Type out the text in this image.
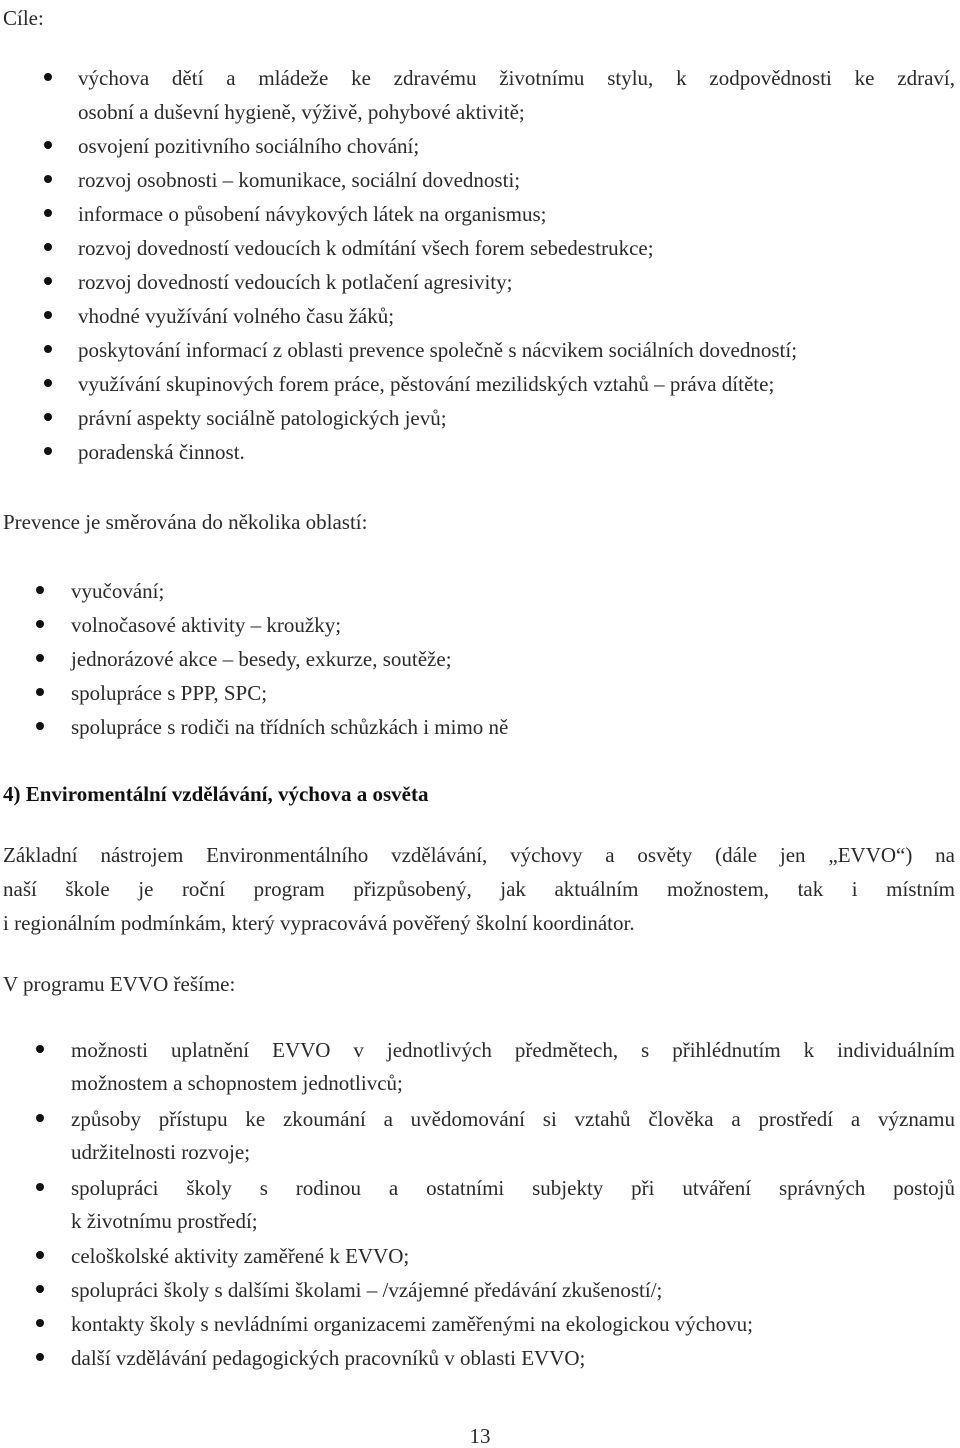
Cíle:
výchova dětí a mládeže ke zdravému životnímu stylu, k zodpovědnosti ke zdraví,
osobní a duševní hygieně, výživě, pohybové aktivitě;
osvojení pozitivního sociálního chování;
rozvoj osobnosti – komunikace, sociální dovednosti;
informace o působení návykových látek na organismus;
rozvoj dovedností vedoucích k odmítání všech forem sebedestrukce;
rozvoj dovedností vedoucích k potlačení agresivity;
vhodné využívání volného času žáků;
poskytování informací z oblasti prevence společně s nácvikem sociálních dovedností;
využívání skupinových forem práce, pěstování mezilidských vztahů – práva dítěte;
právní aspekty sociálně patologických jevů;
poradenská činnost.
Prevence je směrována do několika oblastí:
vyučování;
volnočasové aktivity – kroužky;
jednorázové akce – besedy, exkurze, soutěže;
spolupráce s PPP, SPC;
spolupráce s rodiči na třídních schůzkách i mimo ně
4) Enviromentální vzdělávání, výchova a osvěta
Základní nástrojem Environmentálního vzdělávání, výchovy a osvěty (dále jen „EVVO“) na
naší škole je roční program přizpůsobený, jak aktuálním možnostem, tak i místním
i regionálním podmínkám, který vypracovává pověřený školní koordinátor.
V programu EVVO řešíme:
možnosti uplatnění EVVO v jednotlivých předmětech, s přihlédnutím k individuálním
možnostem a schopnostem jednotlivců;
způsoby přístupu ke zkoumání a uvědomování si vztahů člověka a prostředí a významu
udržitelnosti rozvoje;
spolupráci školy s rodinou a ostatními subjekty při utváření správných postojů
k životnímu prostředí;
celoškolské aktivity zaměřené k EVVO;
spolupráci školy s dalšími školami – /vzájemné předávání zkušeností/;
kontakty školy s nevládními organizacemi zaměřenými na ekologickou výchovu;
další vzdělávání pedagogických pracovníků v oblasti EVVO;
13
